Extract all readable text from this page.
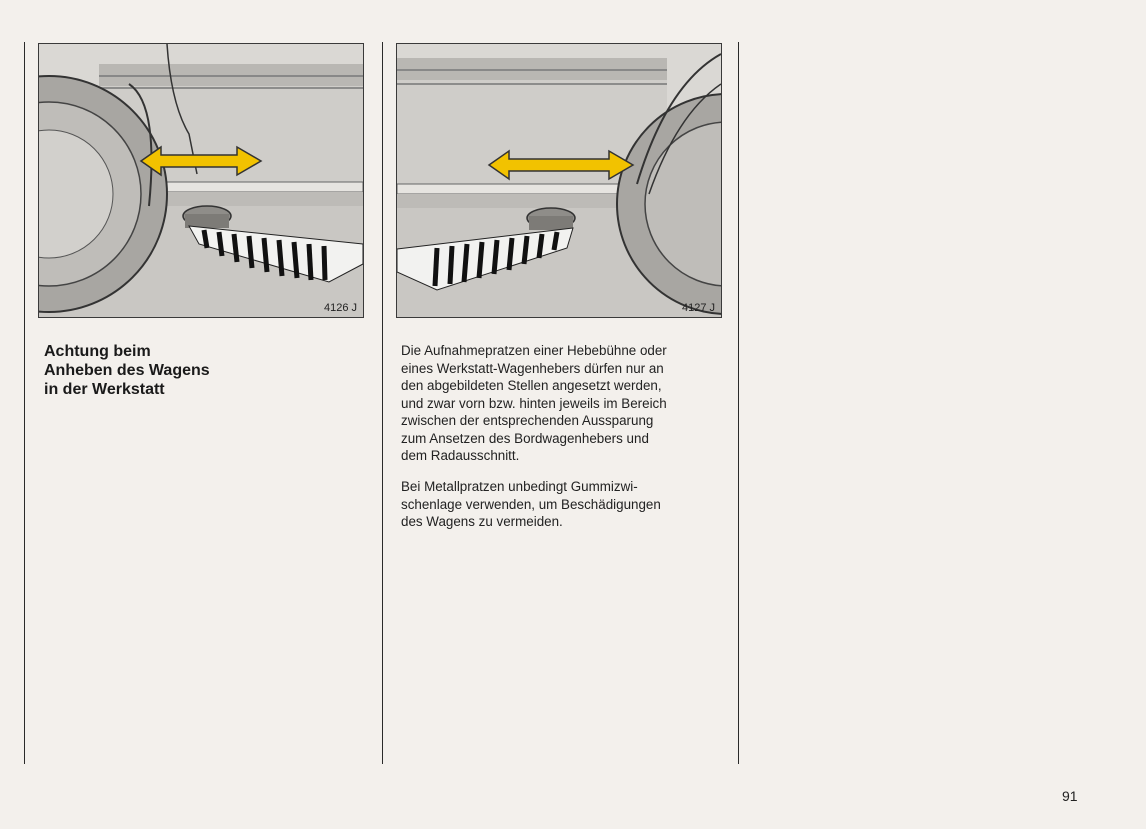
4126 J	4127 J
Achtung beim
Anheben des Wagens
in der Werkstatt
Die Aufnahmepratzen einer Hebebühne oder
eines Werkstatt-Wagenhebers dürfen nur an
den abgebildeten Stellen angesetzt werden,
und zwar vorn bzw. hinten jeweils im Bereich
zwischen der entsprechenden Aussparung
zum Ansetzen des Bordwagenhebers und
dem Radausschnitt.
Bei Metallpratzen unbedingt Gummizwi-
schenlage verwenden, um Beschädigungen
des Wagens zu vermeiden.
91
